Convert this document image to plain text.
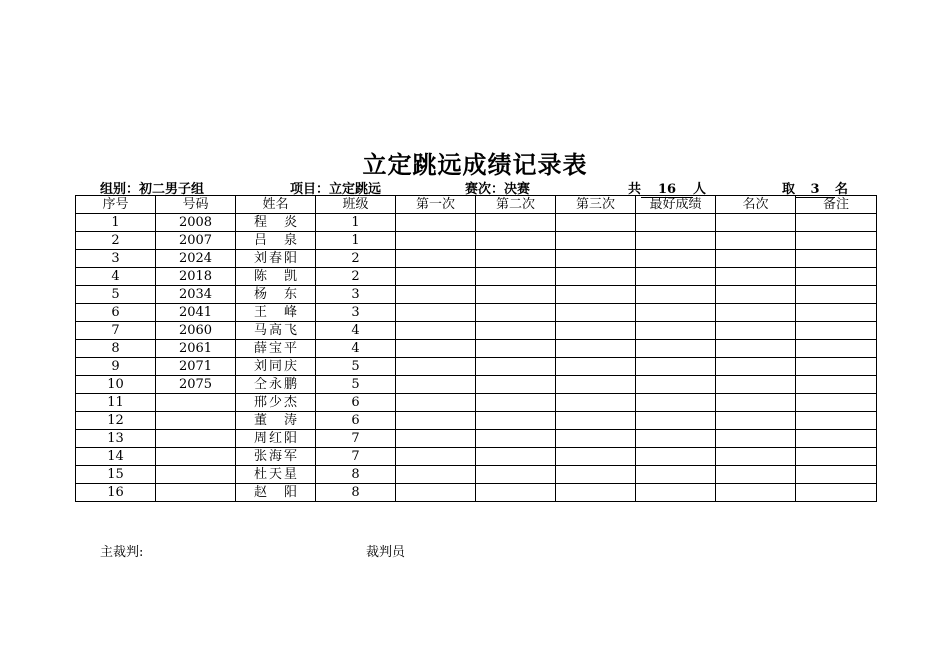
立定跳远成绩记录表
组别：初二男子组	项目：立定跳远	赛次：决赛	共 16 人	取 3 名
序号	号码	姓名	班级	第一次	第二次	第三次	最好成绩	名次	备注
1	2008	程　炎	1						
2	2007	吕　泉	1						
3	2024	刘春阳	2						
4	2018	陈　凯	2						
5	2034	杨　东	3						
6	2041	王　峰	3						
7	2060	马高飞	4						
8	2061	薛宝平	4						
9	2071	刘同庆	5						
10	2075	仝永鹏	5						
11		邢少杰	6						
12		董　涛	6						
13		周红阳	7						
14		张海军	7						
15		杜天星	8						
16		赵　阳	8						
主裁判:	裁判员
